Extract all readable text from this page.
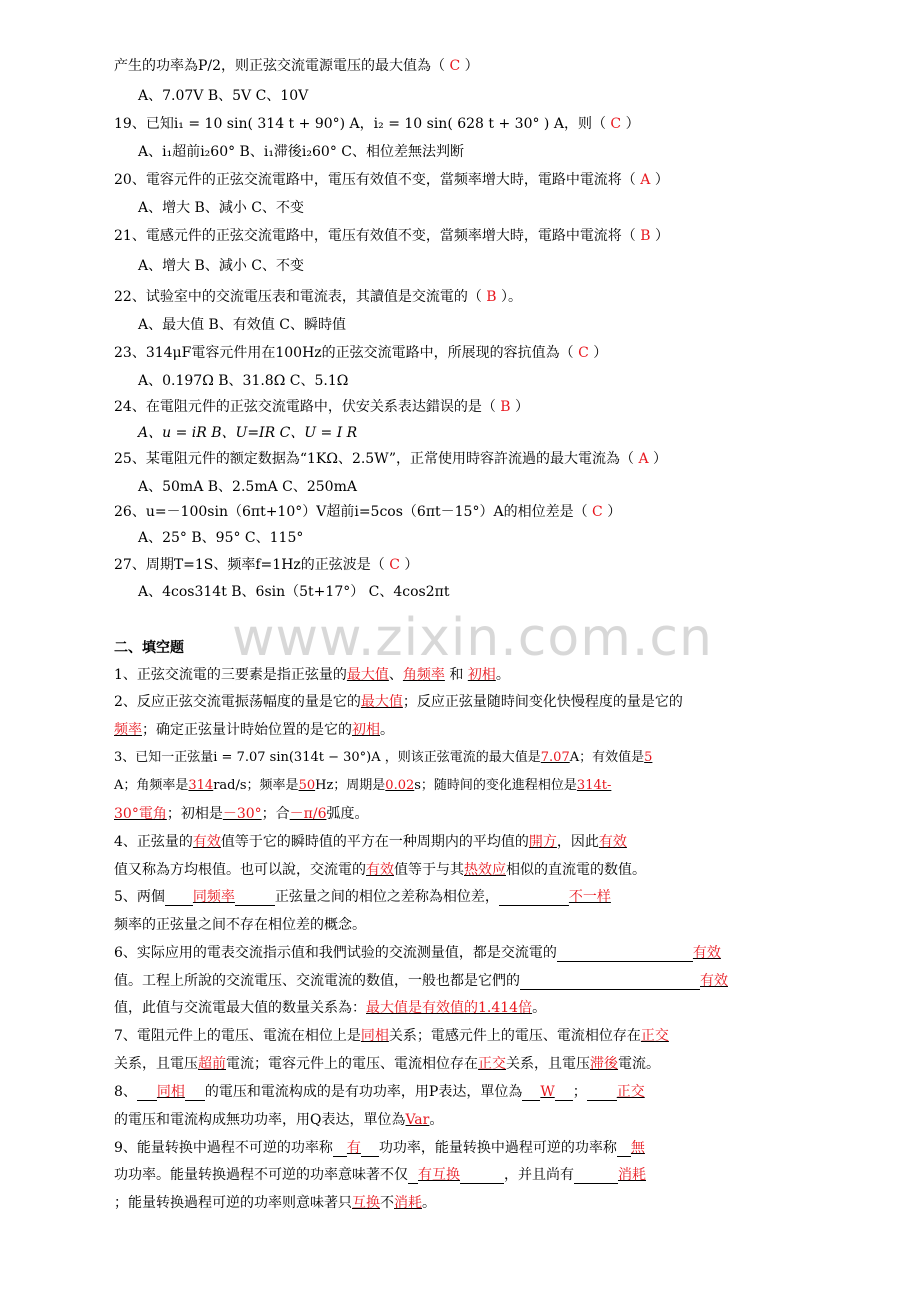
www.zixin.com.cn
产生的功率為P/2，则正弦交流電源電压的最大值為（ C ）
A、7.07V B、5V C、10V
19、已知i₁ = 10 sin( 314 t + 90°) A，i₂ = 10 sin( 628 t + 30° ) A，则（ C ）
A、i₁超前i₂60° B、i₁滞後i₂60° C、相位差無法判断
20、電容元件的正弦交流電路中，電压有效值不变，當频率增大時，電路中電流将（ A ）
A、增大 B、減小 C、不变
21、電感元件的正弦交流電路中，電压有效值不变，當频率增大時，電路中電流将（ B ）
A、增大 B、減小 C、不变
22、试验室中的交流電压表和電流表，其讀值是交流電的（ B ）。
A、最大值 B、有效值 C、瞬時值
23、314μF電容元件用在100Hz的正弦交流電路中，所展现的容抗值為（ C ）
A、0.197Ω B、31.8Ω C、5.1Ω
24、在電阻元件的正弦交流電路中，伏安关系表达錯误的是（ B ）
A、u = iR B、U=IR C、U = I R
25、某電阻元件的额定数据為“1KΩ、2.5W”，正常使用時容許流過的最大電流為（ A ）
A、50mA B、2.5mA C、250mA
26、u=－100sin（6πt+10°）V超前i=5cos（6πt－15°）A的相位差是（ C ）
A、25° B、95° C、115°
27、周期T=1S、频率f=1Hz的正弦波是（ C ）
A、4cos314t B、6sin（5t+17°） C、4cos2πt
二、填空题
1、正弦交流電的三要素是指正弦量的最大值、角频率 和 初相。
2、反应正弦交流電振荡幅度的量是它的最大值；反应正弦量随時间变化快慢程度的量是它的
频率；确定正弦量计時始位置的是它的初相。
3、已知一正弦量i = 7.07 sin(314t − 30°)A ，则该正弦電流的最大值是7.07A；有效值是5
A；角频率是314rad/s；频率是50Hz；周期是0.02s；随時间的变化進程相位是314t-
30°電角；初相是－30°；合－π/6弧度。
4、正弦量的有效值等于它的瞬時值的平方在一种周期内的平均值的開方，因此有效
值又称為方均根值。也可以說，交流電的有效值等于与其热效应相似的直流電的数值。
5、两個 同频率	正弦量之间的相位之差称為相位差，	不一样
频率的正弦量之间不存在相位差的概念。
6、实际应用的電表交流指示值和我們试验的交流测量值，都是交流電的	有效
值。工程上所說的交流電压、交流電流的数值，一般也都是它們的	有效
值，此值与交流電最大值的数量关系為：最大值是有效值的1.414倍。
7、電阻元件上的電压、電流在相位上是同相关系；電感元件上的電压、電流相位存在正交
关系，且電压超前電流；電容元件上的電压、電流相位存在正交关系，且電压滞後電流。
8、 同相 的電压和電流构成的是有功功率，用P表达，單位為 W ； 正交
的電压和電流构成無功功率，用Q表达，單位為Var。
9、能量转换中過程不可逆的功率称 有 功功率，能量转换中過程可逆的功率称 無
功功率。能量转换過程不可逆的功率意味著不仅 有互换	，并且尚有	消耗
；能量转换過程可逆的功率则意味著只互换不消耗。
